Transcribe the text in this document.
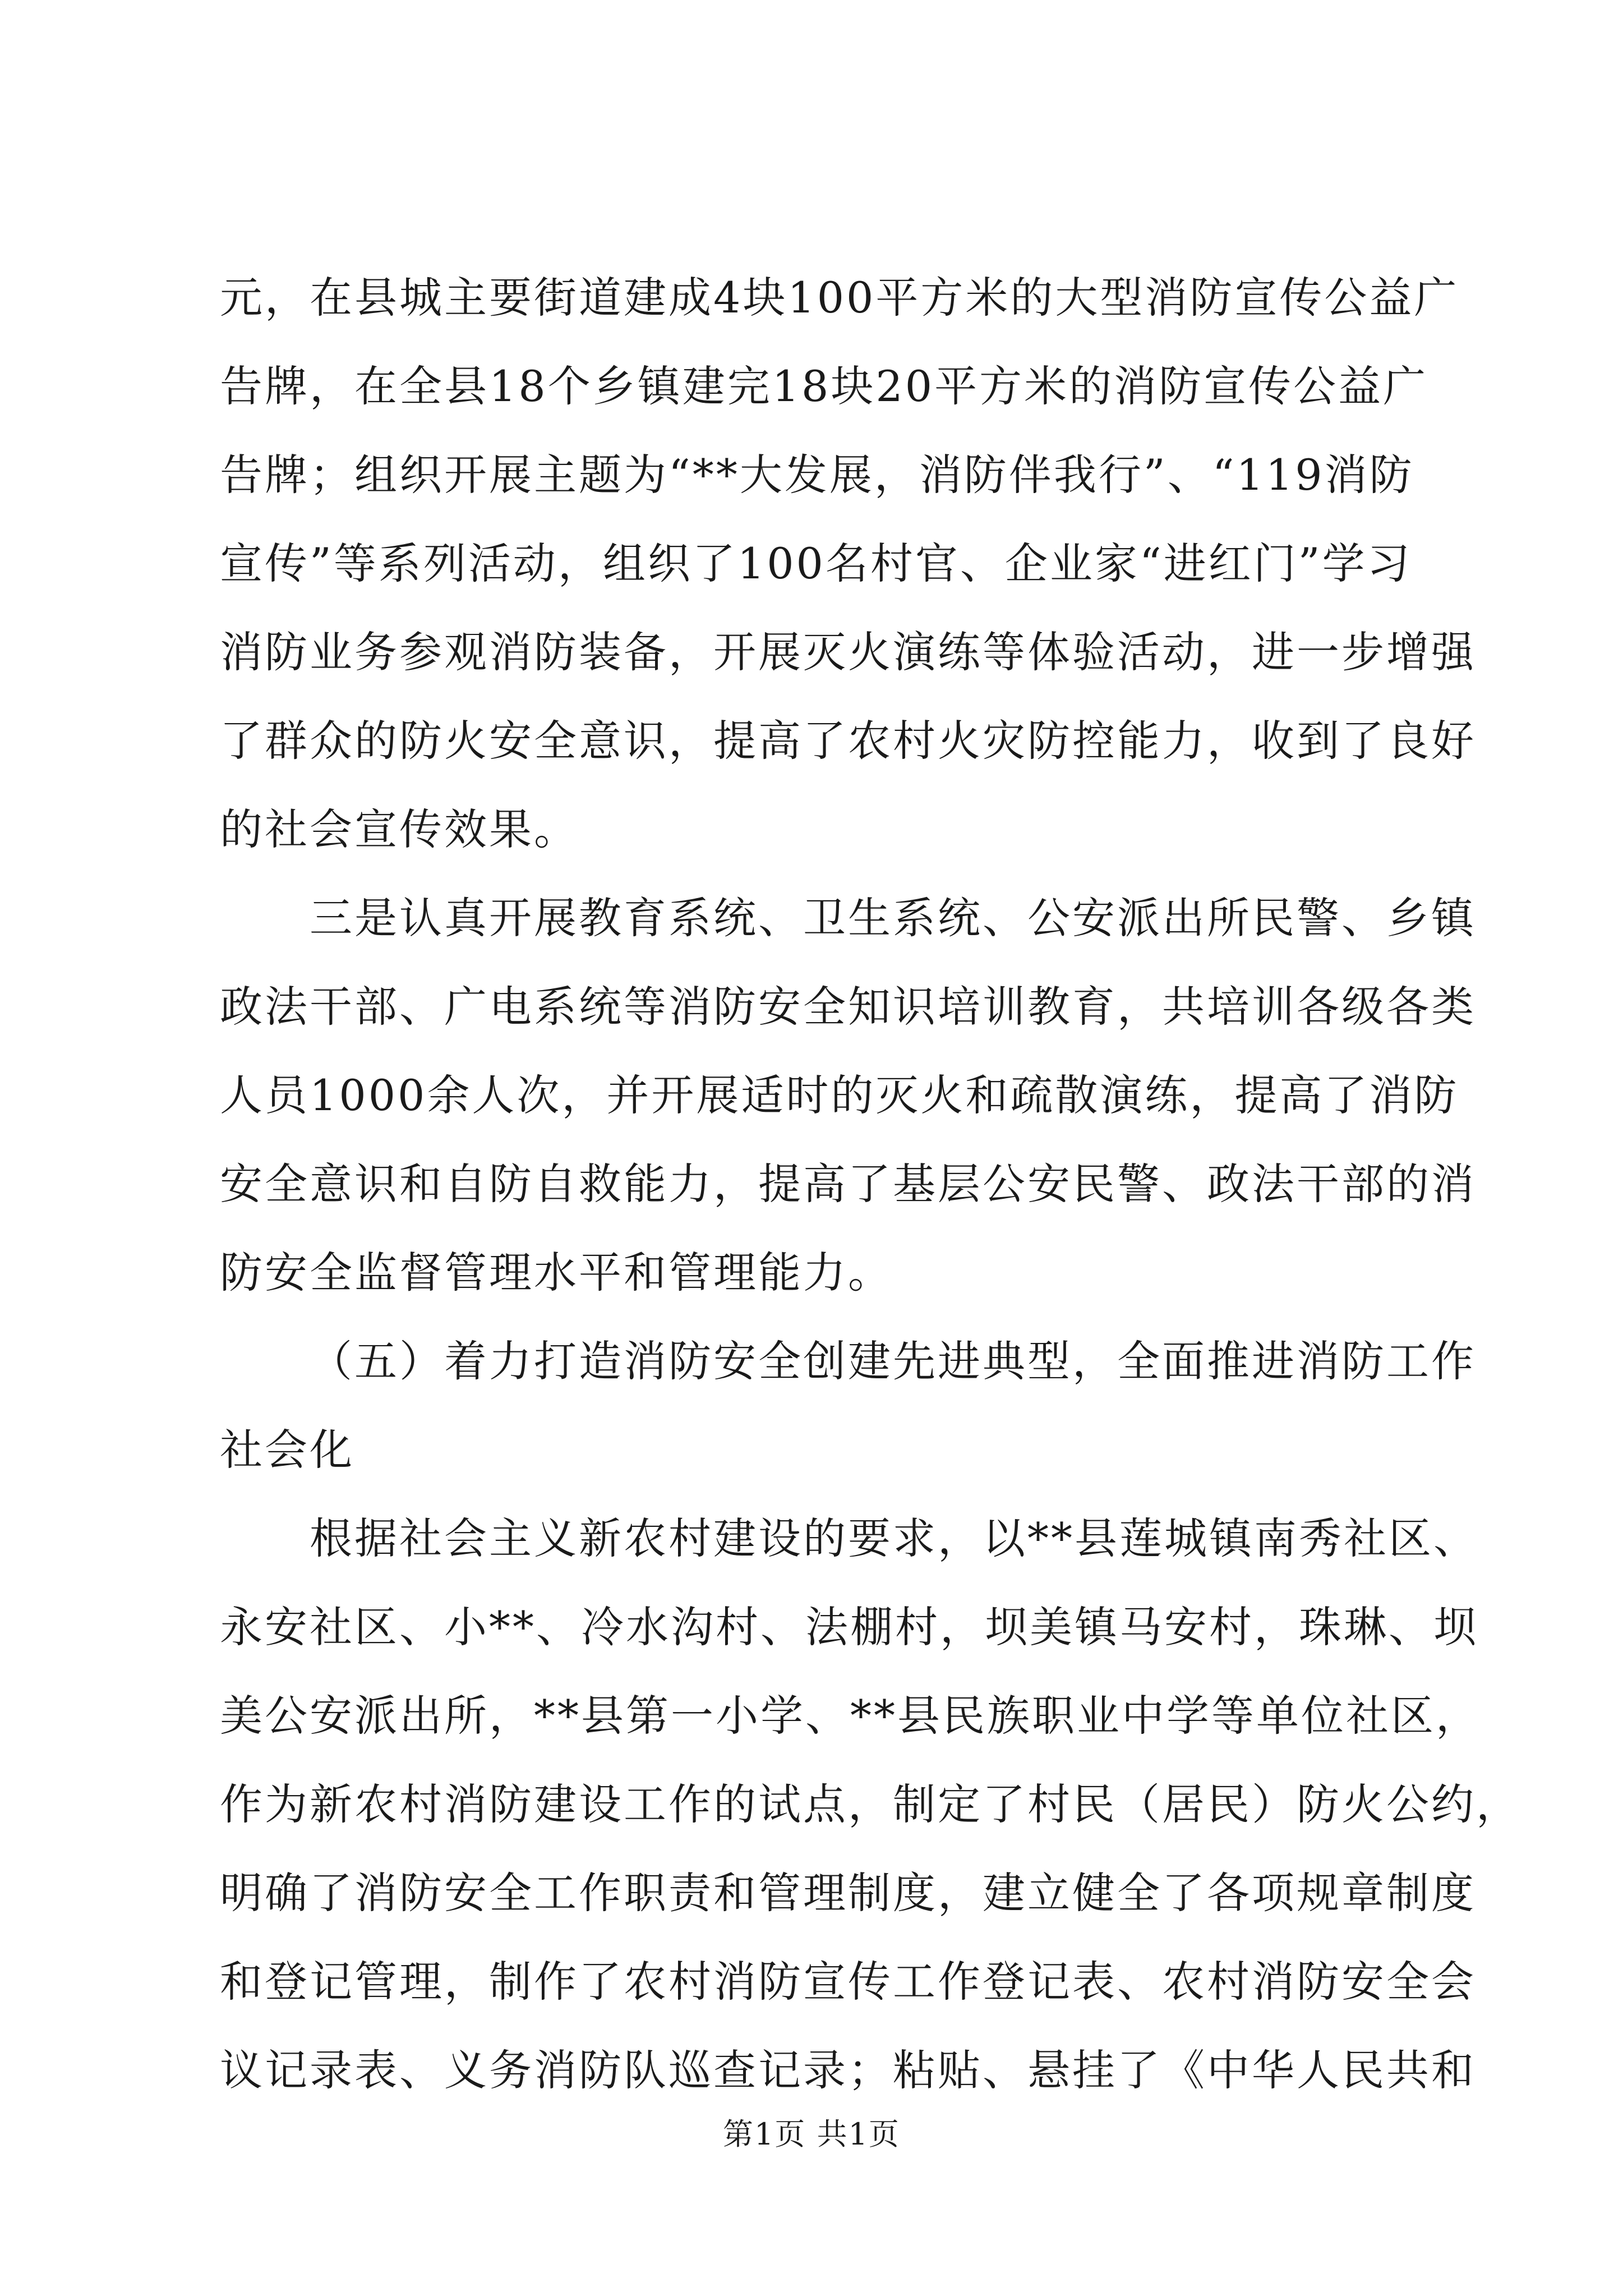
元，在县城主要街道建成4块100平方米的大型消防宣传公益广
告牌，在全县18个乡镇建完18块20平方米的消防宣传公益广
告牌；组织开展主题为“**大发展，消防伴我行”、“119消防
宣传”等系列活动，组织了100名村官、企业家“进红门”学习
消防业务参观消防装备，开展灭火演练等体验活动，进一步增强
了群众的防火安全意识，提高了农村火灾防控能力，收到了良好
的社会宣传效果。
三是认真开展教育系统、卫生系统、公安派出所民警、乡镇
政法干部、广电系统等消防安全知识培训教育，共培训各级各类
人员1000余人次，并开展适时的灭火和疏散演练，提高了消防
安全意识和自防自救能力，提高了基层公安民警、政法干部的消
防安全监督管理水平和管理能力。
（五）着力打造消防安全创建先进典型，全面推进消防工作
社会化
根据社会主义新农村建设的要求，以**县莲城镇南秀社区、
永安社区、小**、冷水沟村、法棚村，坝美镇马安村，珠琳、坝
美公安派出所，**县第一小学、**县民族职业中学等单位社区，
作为新农村消防建设工作的试点，制定了村民（居民）防火公约，
明确了消防安全工作职责和管理制度，建立健全了各项规章制度
和登记管理，制作了农村消防宣传工作登记表、农村消防安全会
议记录表、义务消防队巡查记录；粘贴、悬挂了《中华人民共和
第1页 共1页
